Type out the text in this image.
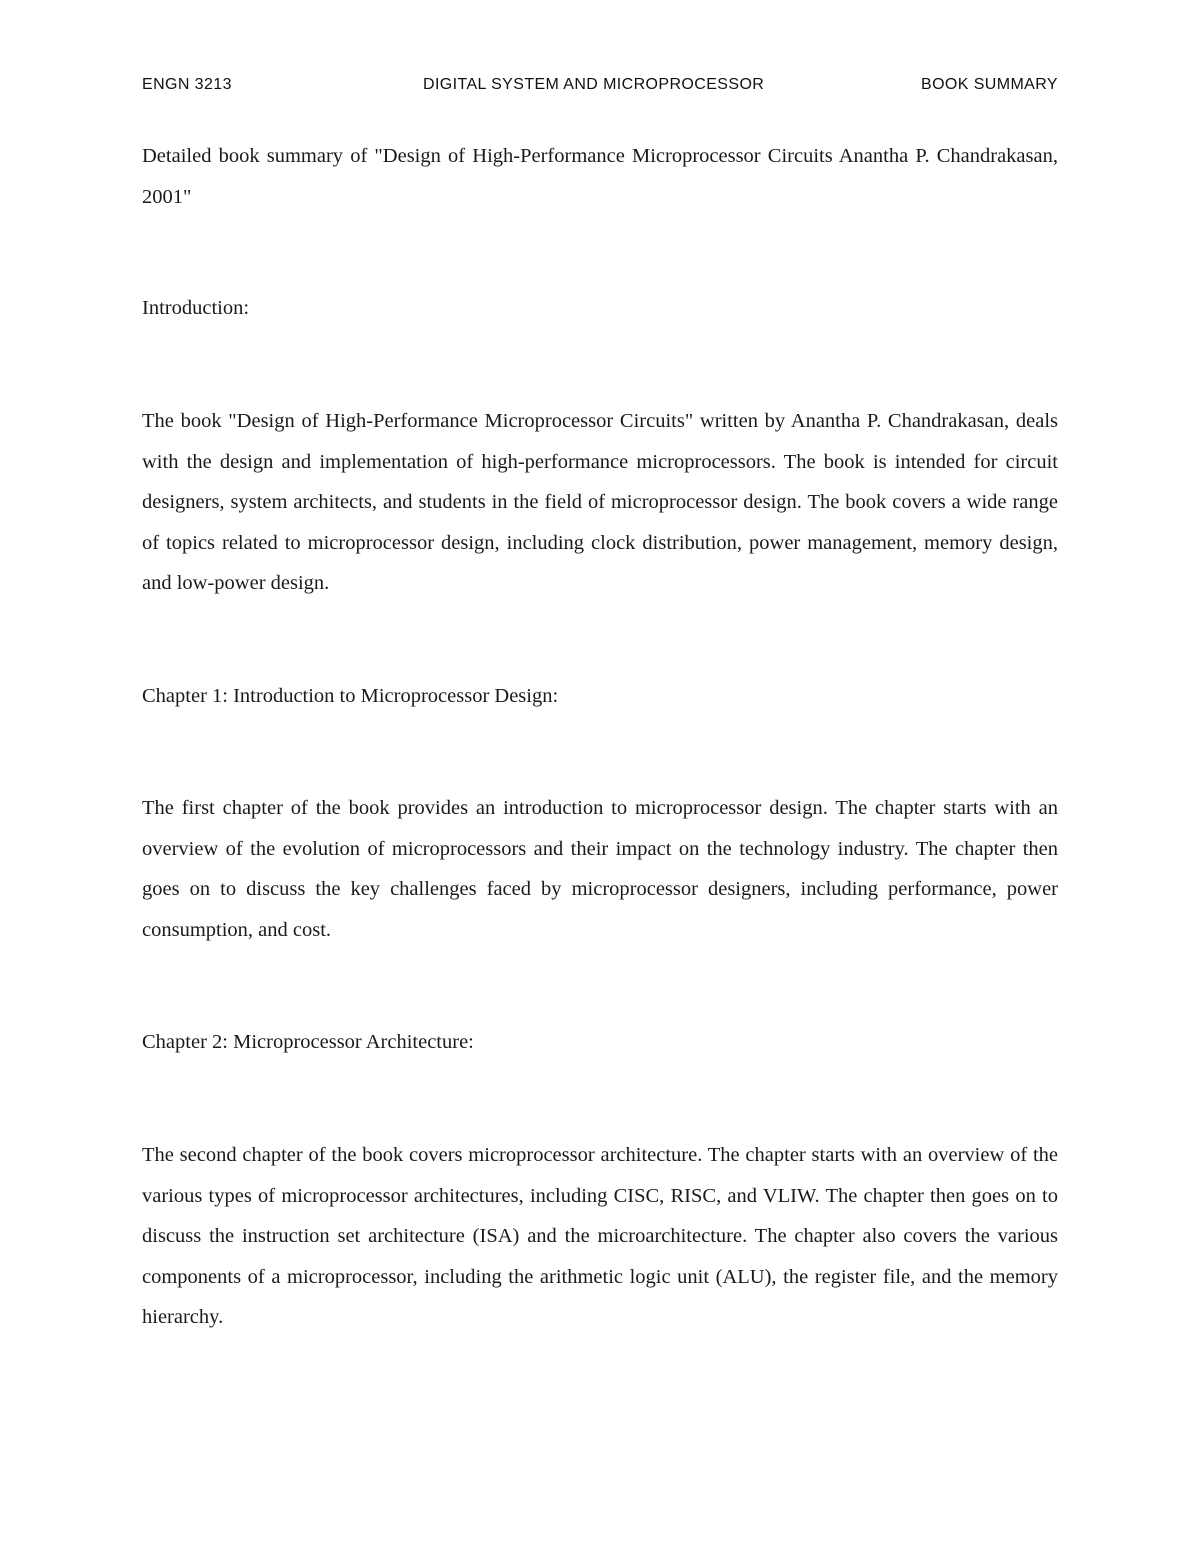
ENGN 3213	DIGITAL SYSTEM AND MICROPROCESSOR	BOOK SUMMARY

Detailed book summary of "Design of High-Performance Microprocessor Circuits Anantha P. Chandrakasan, 2001"

Introduction:

The book "Design of High-Performance Microprocessor Circuits" written by Anantha P. Chandrakasan, deals with the design and implementation of high-performance microprocessors. The book is intended for circuit designers, system architects, and students in the field of microprocessor design. The book covers a wide range of topics related to microprocessor design, including clock distribution, power management, memory design, and low-power design.

Chapter 1: Introduction to Microprocessor Design:

The first chapter of the book provides an introduction to microprocessor design. The chapter starts with an overview of the evolution of microprocessors and their impact on the technology industry. The chapter then goes on to discuss the key challenges faced by microprocessor designers, including performance, power consumption, and cost.

Chapter 2: Microprocessor Architecture:

The second chapter of the book covers microprocessor architecture. The chapter starts with an overview of the various types of microprocessor architectures, including CISC, RISC, and VLIW. The chapter then goes on to discuss the instruction set architecture (ISA) and the microarchitecture. The chapter also covers the various components of a microprocessor, including the arithmetic logic unit (ALU), the register file, and the memory hierarchy.
